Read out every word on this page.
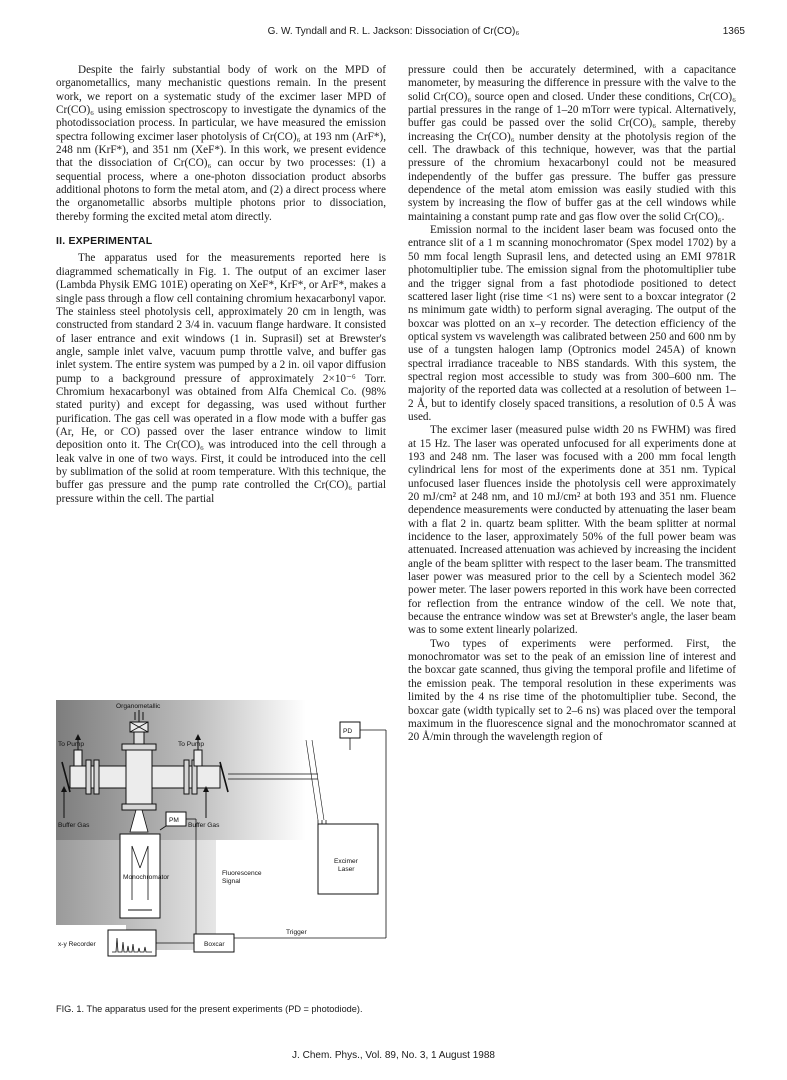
G. W. Tyndall and R. L. Jackson: Dissociation of Cr(CO)₆	1365

Despite the fairly substantial body of work on the MPD of organometallics, many mechanistic questions remain. In the present work, we report on a systematic study of the excimer laser MPD of Cr(CO)₆ using emission spectroscopy to investigate the dynamics of the photodissociation process. In particular, we have measured the emission spectra following excimer laser photolysis of Cr(CO)₆ at 193 nm (ArF*), 248 nm (KrF*), and 351 nm (XeF*). In this work, we present evidence that the dissociation of Cr(CO)₆ can occur by two processes: (1) a sequential process, where a one-photon dissociation product absorbs additional photons to form the metal atom, and (2) a direct process where the organometallic absorbs multiple photons prior to dissociation, thereby forming the excited metal atom directly.

II. EXPERIMENTAL

The apparatus used for the measurements reported here is diagrammed schematically in Fig. 1. The output of an excimer laser (Lambda Physik EMG 101E) operating on XeF*, KrF*, or ArF*, makes a single pass through a flow cell containing chromium hexacarbonyl vapor. The stainless steel photolysis cell, approximately 20 cm in length, was constructed from standard 2 3/4 in. vacuum flange hardware. It consisted of laser entrance and exit windows (1 in. Suprasil) set at Brewster's angle, sample inlet valve, vacuum pump throttle valve, and buffer gas inlet system. The entire system was pumped by a 2 in. oil vapor diffusion pump to a background pressure of approximately 2×10⁻⁶ Torr. Chromium hexacarbonyl was obtained from Alfa Chemical Co. (98% stated purity) and except for degassing, was used without further purification. The gas cell was operated in a flow mode with a buffer gas (Ar, He, or CO) passed over the laser entrance window to limit deposition onto it. The Cr(CO)₆ was introduced into the cell through a leak valve in one of two ways. First, it could be introduced into the cell by sublimation of the solid at room temperature. With this technique, the buffer gas pressure and the pump rate controlled the Cr(CO)₆ partial pressure within the cell. The partial

pressure could then be accurately determined, with a capacitance manometer, by measuring the difference in pressure with the valve to the solid Cr(CO)₆ source open and closed. Under these conditions, Cr(CO)₆ partial pressures in the range of 1–20 mTorr were typical. Alternatively, buffer gas could be passed over the solid Cr(CO)₆ sample, thereby increasing the Cr(CO)₆ number density at the photolysis region of the cell. The drawback of this technique, however, was that the partial pressure of the chromium hexacarbonyl could not be measured independently of the buffer gas pressure. The buffer gas pressure dependence of the metal atom emission was easily studied with this system by increasing the flow of buffer gas at the cell windows while maintaining a constant pump rate and gas flow over the solid Cr(CO)₆.

Emission normal to the incident laser beam was focused onto the entrance slit of a 1 m scanning monochromator (Spex model 1702) by a 50 mm focal length Suprasil lens, and detected using an EMI 9781R photomultiplier tube. The emission signal from the photomultiplier tube and the trigger signal from a fast photodiode positioned to detect scattered laser light (rise time <1 ns) were sent to a boxcar integrator (2 ns minimum gate width) to perform signal averaging. The output of the boxcar was plotted on an x–y recorder. The detection efficiency of the optical system vs wavelength was calibrated between 250 and 600 nm by use of a tungsten halogen lamp (Optronics model 245A) of known spectral irradiance traceable to NBS standards. With this system, the spectral region most accessible to study was from 300–600 nm. The majority of the reported data was collected at a resolution of between 1–2 Å, but to identify closely spaced transitions, a resolution of 0.5 Å was used.

The excimer laser (measured pulse width 20 ns FWHM) was fired at 15 Hz. The laser was operated unfocused for all experiments done at 193 and 248 nm. The laser was focused with a 200 mm focal length cylindrical lens for most of the experiments done at 351 nm. Typical unfocused laser fluences inside the photolysis cell were approximately 20 mJ/cm² at 248 nm, and 10 mJ/cm² at both 193 and 351 nm. Fluence dependence measurements were conducted by attenuating the laser beam with a flat 2 in. quartz beam splitter. With the beam splitter at normal incidence to the laser, approximately 50% of the full power beam was attenuated. Increased attenuation was achieved by increasing the incident angle of the beam splitter with respect to the laser beam. The transmitted laser power was measured prior to the cell by a Scientech model 362 power meter. The laser powers reported in this work have been corrected for reflection from the entrance window of the cell. We note that, because the entrance window was set at Brewster's angle, the laser beam was to some extent linearly polarized.

Two types of experiments were performed. First, the monochromator was set to the peak of an emission line of interest and the boxcar gate scanned, thus giving the temporal profile and lifetime of the emission peak. The temporal resolution in these experiments was limited by the 4 ns rise time of the photomultiplier tube. Second, the boxcar gate (width typically set to 2–6 ns) was placed over the temporal maximum in the fluorescence signal and the monochromator scanned at 20 Å/min through the wavelength region of

Organometallic
To Pump	To Pump
PD
Buffer Gas	Buffer Gas
PM
Monochromator
Fluorescence
Signal
Excimer
Laser
Trigger
x-y Recorder	Boxcar
FIG. 1. The apparatus used for the present experiments (PD = photodiode).
J. Chem. Phys., Vol. 89, No. 3, 1 August 1988
